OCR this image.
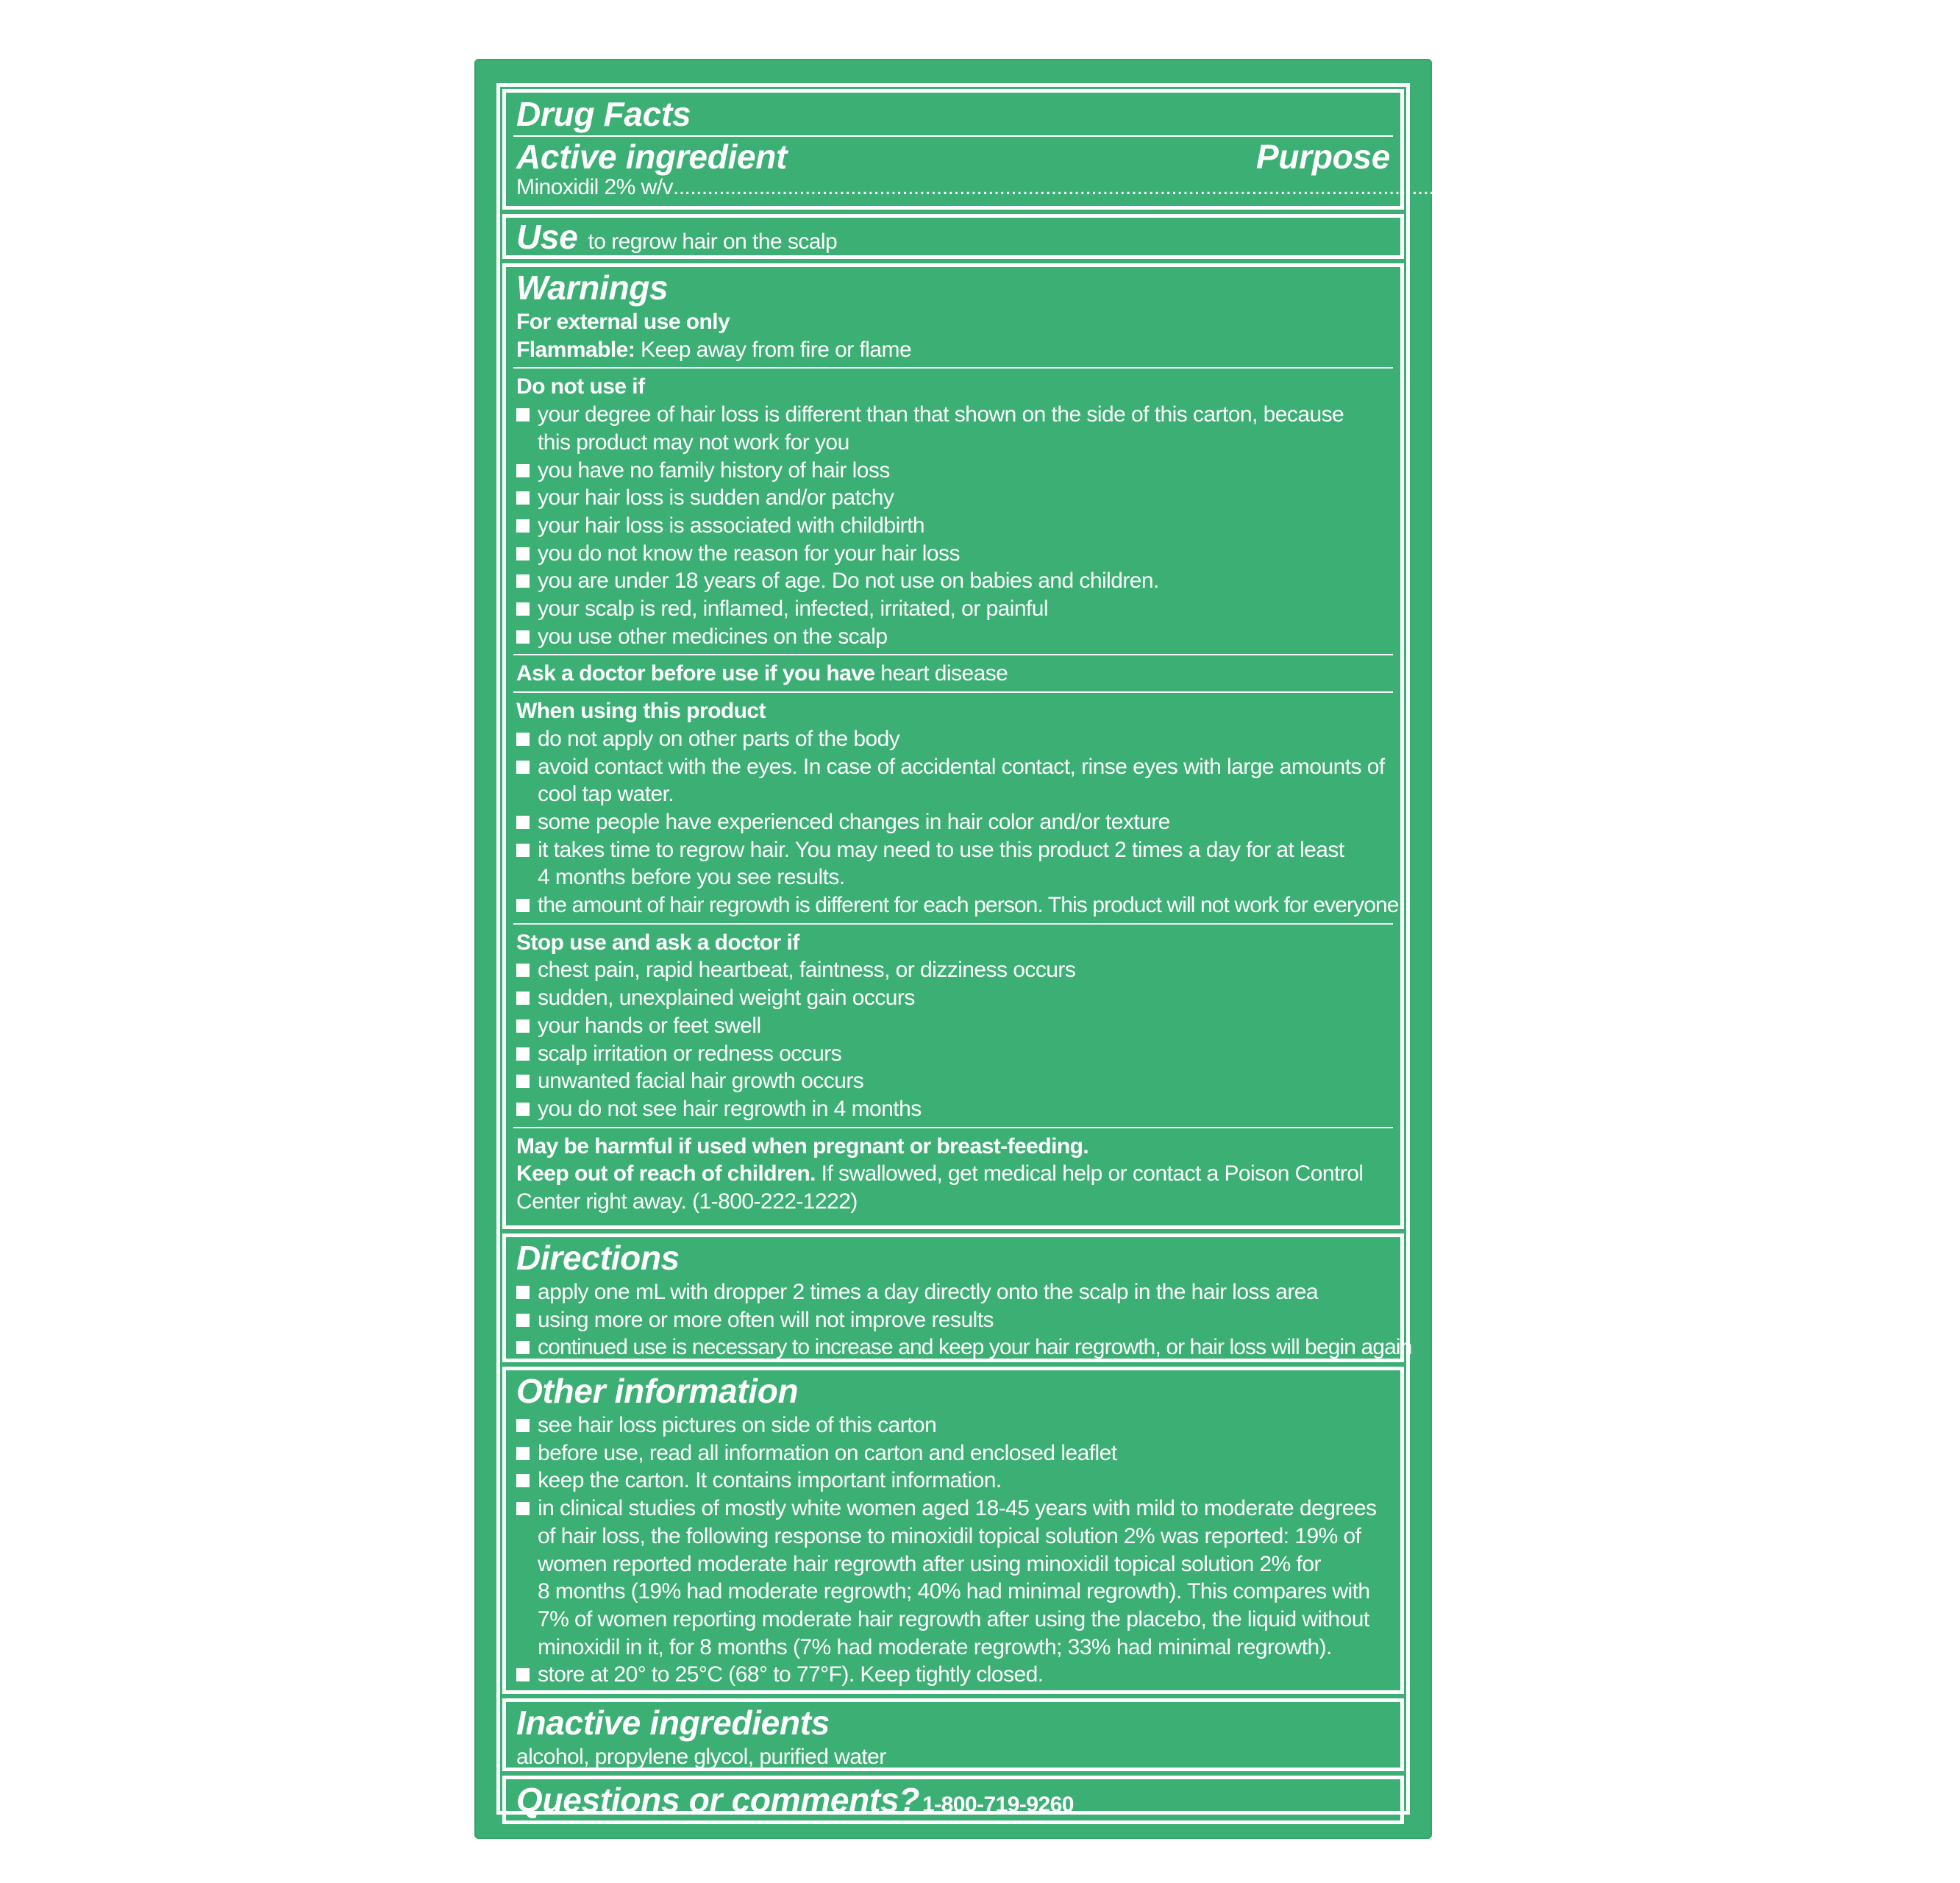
Drug Facts
Active ingredient	Purpose
Minoxidil 2% w/v .......................................................................................................................................................................................... Hair regrowth treatment
Use to regrow hair on the scalp
Warnings
For external use only
Flammable: Keep away from fire or flame
Do not use if
your degree of hair loss is different than that shown on the side of this carton, because
this product may not work for you
you have no family history of hair loss
your hair loss is sudden and/or patchy
your hair loss is associated with childbirth
you do not know the reason for your hair loss
you are under 18 years of age. Do not use on babies and children.
your scalp is red, inflamed, infected, irritated, or painful
you use other medicines on the scalp
Ask a doctor before use if you have heart disease
When using this product
do not apply on other parts of the body
avoid contact with the eyes. In case of accidental contact, rinse eyes with large amounts of
cool tap water.
some people have experienced changes in hair color and/or texture
it takes time to regrow hair. You may need to use this product 2 times a day for at least
4 months before you see results.
the amount of hair regrowth is different for each person. This product will not work for everyone.
Stop use and ask a doctor if
chest pain, rapid heartbeat, faintness, or dizziness occurs
sudden, unexplained weight gain occurs
your hands or feet swell
scalp irritation or redness occurs
unwanted facial hair growth occurs
you do not see hair regrowth in 4 months
May be harmful if used when pregnant or breast-feeding.
Keep out of reach of children. If swallowed, get medical help or contact a Poison Control
Center right away. (1-800-222-1222)
Directions
apply one mL with dropper 2 times a day directly onto the scalp in the hair loss area
using more or more often will not improve results
continued use is necessary to increase and keep your hair regrowth, or hair loss will begin again
Other information
see hair loss pictures on side of this carton
before use, read all information on carton and enclosed leaflet
keep the carton. It contains important information.
in clinical studies of mostly white women aged 18-45 years with mild to moderate degrees
of hair loss, the following response to minoxidil topical solution 2% was reported: 19% of
women reported moderate hair regrowth after using minoxidil topical solution 2% for
8 months (19% had moderate regrowth; 40% had minimal regrowth). This compares with
7% of women reporting moderate hair regrowth after using the placebo, the liquid without
minoxidil in it, for 8 months (7% had moderate regrowth; 33% had minimal regrowth).
store at 20° to 25°C (68° to 77°F). Keep tightly closed.
Inactive ingredients
alcohol, propylene glycol, purified water
Questions or comments? 1-800-719-9260
